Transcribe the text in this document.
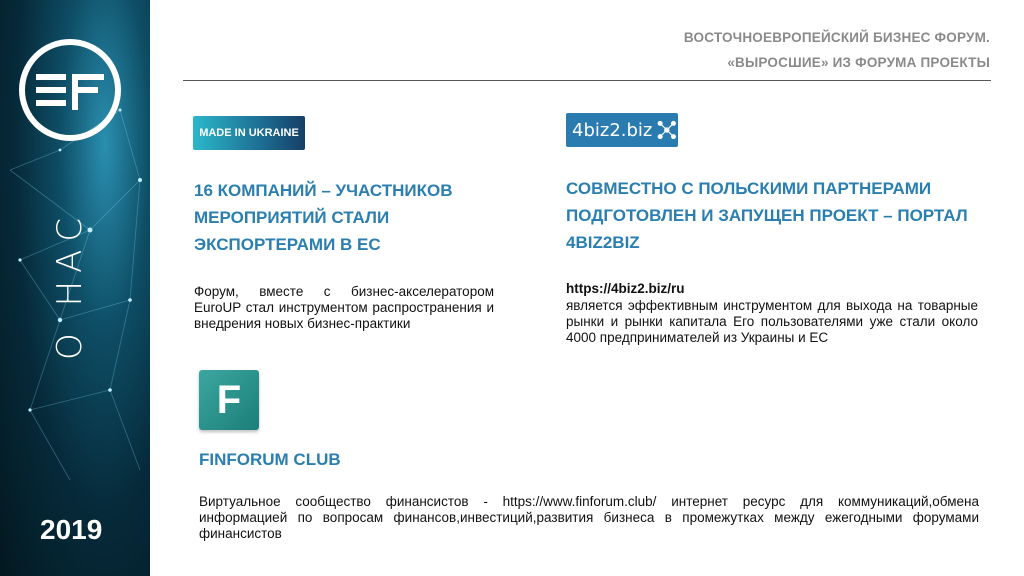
О НАС
2019
ВОСТОЧНОЕВРОПЕЙСКИЙ БИЗНЕС ФОРУМ.
«ВЫРОСШИЕ» ИЗ ФОРУМА ПРОЕКТЫ
MADE IN UKRAINE
16 КОМПАНИЙ – УЧАСТНИКОВ МЕРОПРИЯТИЙ СТАЛИ ЭКСПОРТЕРАМИ В ЕС
Форум, вместе с бизнес-акселератором EuroUP стал инструментом распространения и внедрения новых бизнес-практики
4biz2.biz
СОВМЕСТНО С ПОЛЬСКИМИ ПАРТНЕРАМИ ПОДГОТОВЛЕН И ЗАПУЩЕН ПРОЕКТ – ПОРТАЛ 4BIZ2BIZ
https://4biz2.biz/ru
является эффективным инструментом для выхода на товарные рынки и рынки капитала Его пользователями уже стали около 4000 предпринимателей из Украины и ЕС
F
FINFORUM CLUB
Виртуальное сообщество финансистов - https://www.finforum.club/ интернет ресурс для коммуникаций,обмена информацией по вопросам финансов,инвестиций,развития бизнеса в промежутках между ежегодными форумами финансистов
